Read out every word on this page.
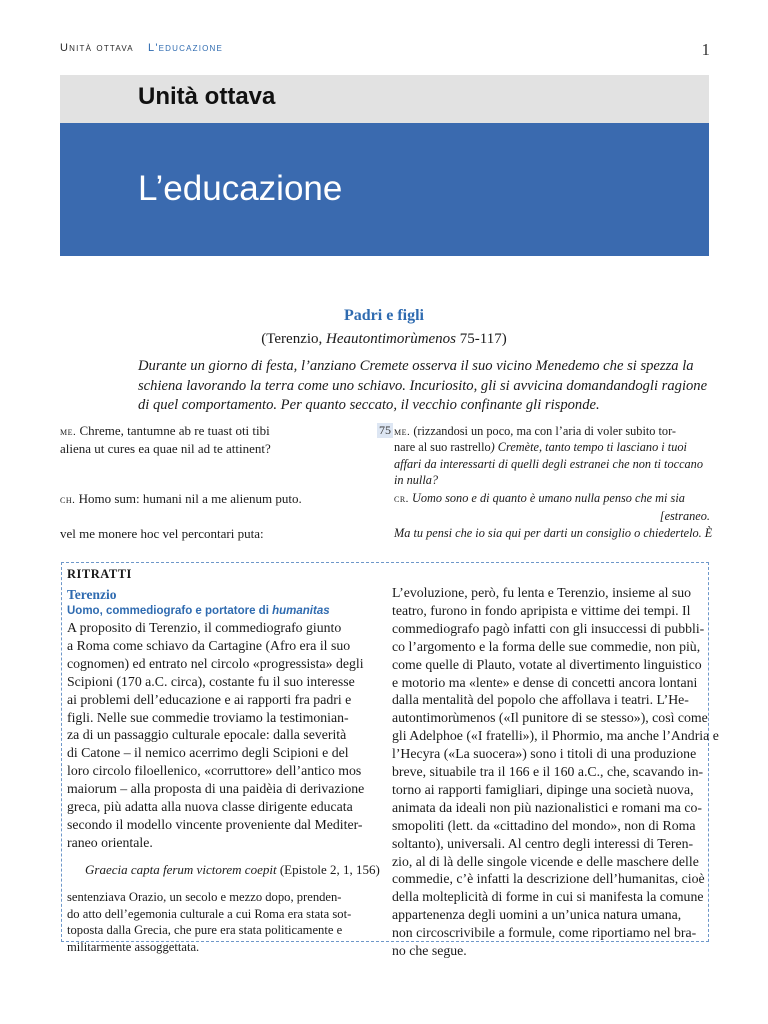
Unità ottava L'educazione	1
Unità ottava
L’educazione
Padri e figli
(Terenzio, Heautontimorùmenos 75-117)

Durante un giorno di festa, l’anziano Cremete osserva il suo vicino Menedemo che si spezza la schiena lavorando la terra come uno schiavo. Incuriosito, gli si avvicina domandandogli ragione di quel comportamento. Per quanto seccato, il vecchio confinante gli risponde.

me. Chreme, tantumne ab re tuast oti tibi
aliena ut cures ea quae nil ad te attinent?
ch. Homo sum: humani nil a me alienum puto.
vel me monere hoc vel percontari puta:
75 me. (rizzandosi un poco, ma con l’aria di voler subito tor-
nare al suo rastrello) Cremète, tanto tempo ti lasciano i tuoi
affari da interessarti di quelli degli estranei che non ti toccano
in nulla?
cr. Uomo sono e di quanto è umano nulla penso che mi sia
[estraneo.
Ma tu pensi che io sia qui per darti un consiglio o chiedertelo. È
RITRATTI
Terenzio
Uomo, commediografo e portatore di humanitas
A proposito di Terenzio, il commediografo giunto
a Roma come schiavo da Cartagine (Afro era il suo
cognomen) ed entrato nel circolo «progressista» degli
Scipioni (170 a.C. circa), costante fu il suo interesse
ai problemi dell’educazione e ai rapporti fra padri e
figli. Nelle sue commedie troviamo la testimonian-
za di un passaggio culturale epocale: dalla severità
di Catone – il nemico acerrimo degli Scipioni e del
loro circolo filoellenico, «corruttore» dell’antico mos
maiorum – alla proposta di una paidèia di derivazione
greca, più adatta alla nuova classe dirigente educata
secondo il modello vincente proveniente dal Mediter-
raneo orientale.
Graecia capta ferum victorem coepit (Epistole 2, 1, 156)
sentenziava Orazio, un secolo e mezzo dopo, prenden-
do atto dell’egemonia culturale a cui Roma era stata sot-
toposta dalla Grecia, che pure era stata politicamente e
militarmente assoggettata.
L’evoluzione, però, fu lenta e Terenzio, insieme al suo
teatro, furono in fondo apripista e vittime dei tempi. Il
commediografo pagò infatti con gli insuccessi di pubbli-
co l’argomento e la forma delle sue commedie, non più,
come quelle di Plauto, votate al divertimento linguistico
e motorio ma «lente» e dense di concetti ancora lontani
dalla mentalità del popolo che affollava i teatri. L’He-
autontimorùmenos («Il punitore di se stesso»), così come
gli Adelphoe («I fratelli»), il Phormio, ma anche l’Andria e
l’Hecyra («La suocera») sono i titoli di una produzione
breve, situabile tra il 166 e il 160 a.C., che, scavando in-
torno ai rapporti famigliari, dipinge una società nuova,
animata da ideali non più nazionalistici e romani ma co-
smopoliti (lett. da «cittadino del mondo», non di Roma
soltanto), universali. Al centro degli interessi di Teren-
zio, al di là delle singole vicende e delle maschere delle
commedie, c’è infatti la descrizione dell’humanitas, cioè
della molteplicità di forme in cui si manifesta la comune
appartenenza degli uomini a un’unica natura umana,
non circoscrivibile a formule, come riportiamo nel bra-
no che segue.
